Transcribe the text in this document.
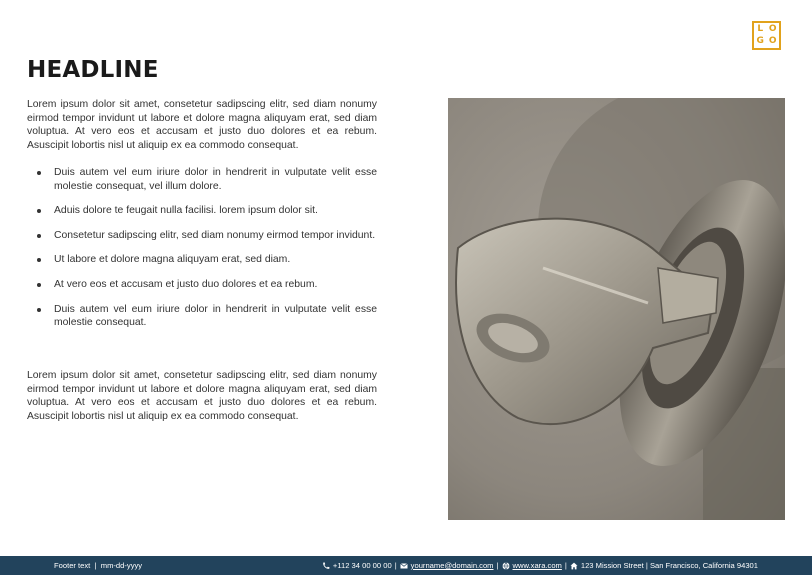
L O
G O
HEADLINE

Lorem ipsum dolor sit amet, consetetur sadipscing elitr, sed diam nonumy eirmod tempor invidunt ut labore et dolore magna aliquyam erat, sed diam voluptua. At vero eos et accusam et justo duo dolores et ea rebum. Asuscipit lobortis nisl ut aliquip ex ea commodo consequat.

Duis autem vel eum iriure dolor in hendrerit in vulputate velit esse molestie consequat, vel illum dolore.
Aduis dolore te feugait nulla facilisi. lorem ipsum dolor sit.
Consetetur sadipscing elitr, sed diam nonumy eirmod tempor invidunt.
Ut labore et dolore magna aliquyam erat, sed diam.
At vero eos et accusam et justo duo dolores et ea rebum.
Duis autem vel eum iriure dolor in hendrerit in vulputate velit esse molestie consequat.

Lorem ipsum dolor sit amet, consetetur sadipscing elitr, sed diam nonumy eirmod tempor invidunt ut labore et dolore magna aliquyam erat, sed diam voluptua. At vero eos et accusam et justo duo dolores et ea rebum. Asuscipit lobortis nisl ut aliquip ex ea commodo consequat.

Footer text | mm-dd-yyyy	+112 34 00 00 00 | yourname@domain.com | www.xara.com | 123 Mission Street | San Francisco, California 94301
